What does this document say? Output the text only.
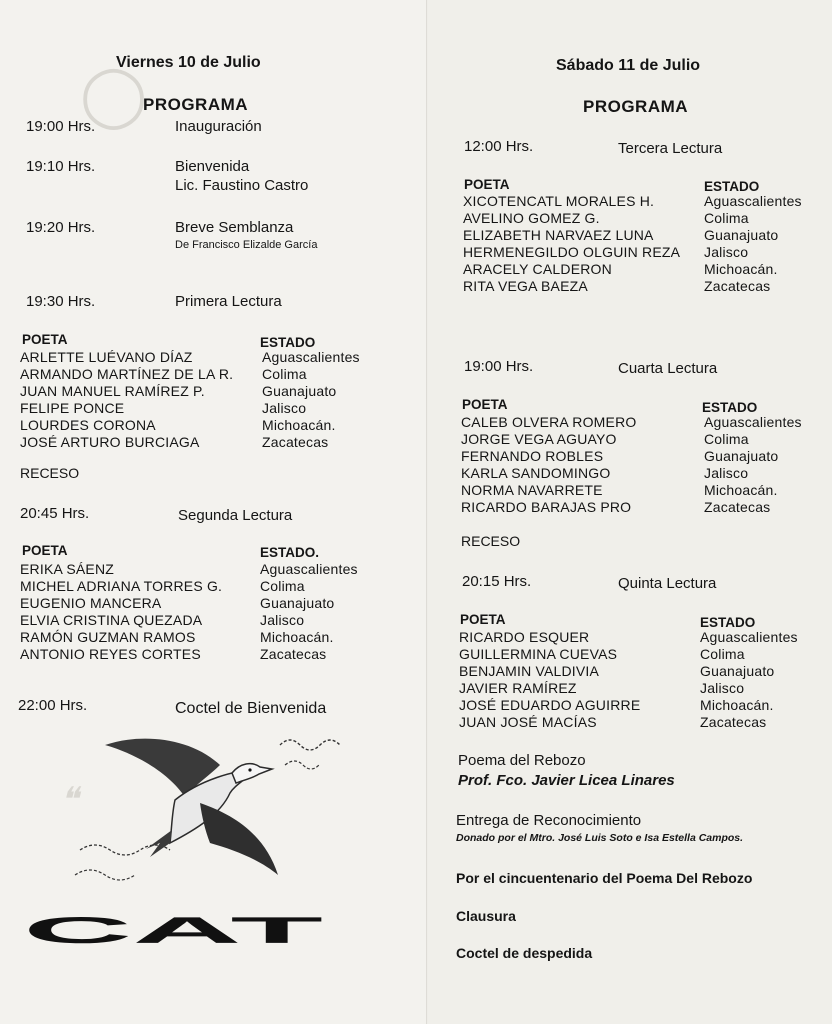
◯
❝
Viernes 10 de Julio
PROGRAMA
19:00 Hrs.	Inauguración
19:10 Hrs.	Bienvenida
Lic. Faustino Castro
19:20 Hrs.	Breve Semblanza
De Francisco Elizalde García
19:30 Hrs.	Primera Lectura
POETA	ESTADO
ARLETTE LUÉVANO DÍAZ	Aguascalientes
ARMANDO MARTÍNEZ DE LA R. Colima
JUAN MANUEL RAMÍREZ P.	Guanajuato
FELIPE PONCE	Jalisco
LOURDES CORONA	Michoacán.
JOSÉ ARTURO BURCIAGA	Zacatecas
RECESO
20:45 Hrs.	Segunda Lectura
POETA	ESTADO.
ERIKA SÁENZ	Aguascalientes
MICHEL ADRIANA TORRES G.	Colima
EUGENIO MANCERA	Guanajuato
ELVIA CRISTINA QUEZADA	Jalisco
RAMÓN GUZMAN RAMOS	Michoacán.
ANTONIO REYES CORTES	Zacatecas
22:00 Hrs.	Coctel de Bienvenida
CAT
Sábado 11 de Julio
PROGRAMA
12:00 Hrs.	Tercera Lectura
POETA	ESTADO
XICOTENCATL MORALES H.	Aguascalientes
AVELINO GOMEZ G.	Colima
ELIZABETH NARVAEZ LUNA	Guanajuato
HERMENEGILDO OLGUIN REZA Jalisco
ARACELY CALDERON	Michoacán.
RITA VEGA BAEZA	Zacatecas
19:00 Hrs.	Cuarta Lectura
POETA	ESTADO
CALEB OLVERA ROMERO	Aguascalientes
JORGE VEGA AGUAYO	Colima
FERNANDO ROBLES	Guanajuato
KARLA SANDOMINGO	Jalisco
NORMA NAVARRETE	Michoacán.
RICARDO BARAJAS PRO	Zacatecas
RECESO
20:15 Hrs.	Quinta Lectura
POETA	ESTADO
RICARDO ESQUER	Aguascalientes
GUILLERMINA CUEVAS	Colima
BENJAMIN VALDIVIA	Guanajuato
JAVIER RAMÍREZ	Jalisco
JOSÉ EDUARDO AGUIRRE	Michoacán.
JUAN JOSÉ MACÍAS	Zacatecas
Poema del Rebozo
Prof. Fco. Javier Licea Linares
Entrega de Reconocimiento
Donado por el Mtro. José Luis Soto e Isa Estella Campos.
Por el cincuentenario del Poema Del Rebozo
Clausura
Coctel de despedida
